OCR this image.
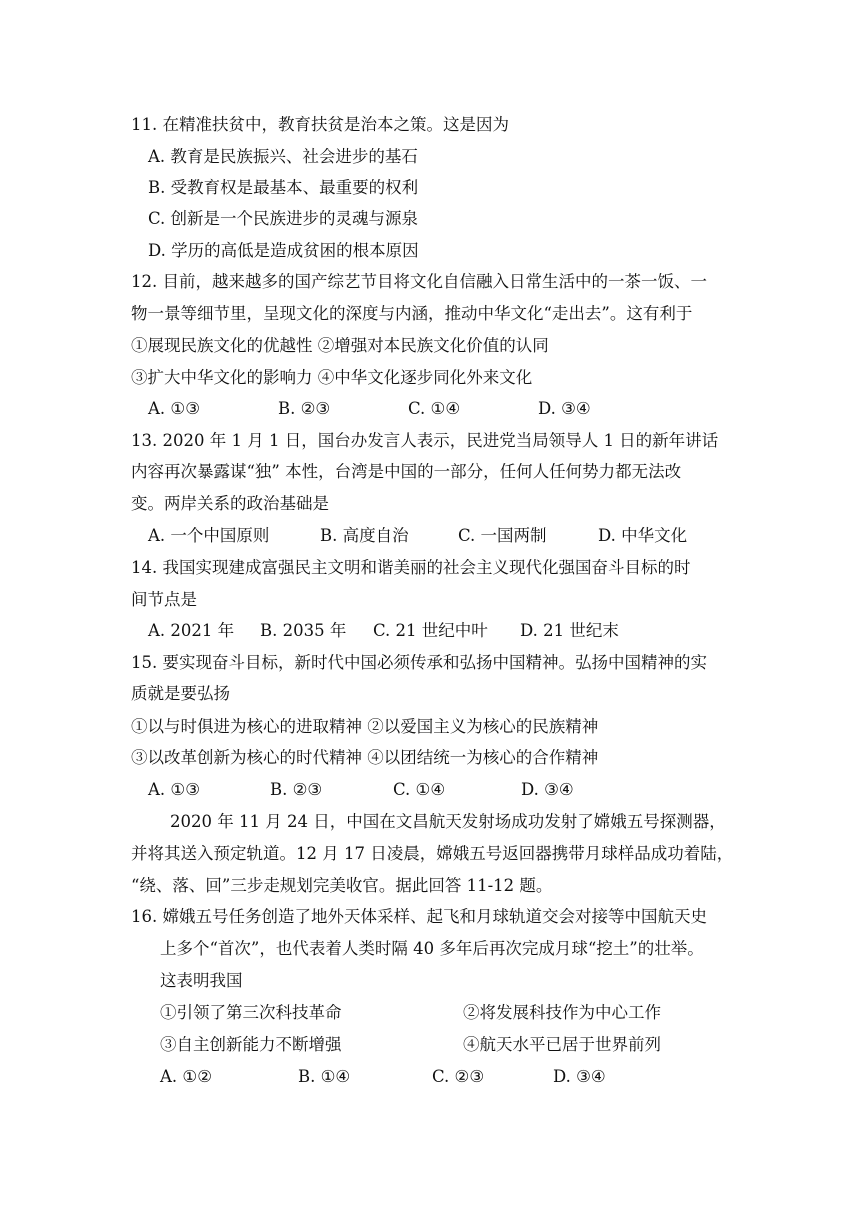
11. 在精准扶贫中，教育扶贫是治本之策。这是因为
A. 教育是民族振兴、社会进步的基石
B. 受教育权是最基本、最重要的权利
C. 创新是一个民族进步的灵魂与源泉
D. 学历的高低是造成贫困的根本原因
12. 目前，越来越多的国产综艺节目将文化自信融入日常生活中的一茶一饭、一
物一景等细节里，呈现文化的深度与内涵，推动中华文化“走出去”。这有利于
①展现民族文化的优越性 ②增强对本民族文化价值的认同
③扩大中华文化的影响力 ④中华文化逐步同化外来文化
A. ①③	B. ②③	C. ①④	D. ③④
13. 2020 年 1 月 1 日，国台办发言人表示，民进党当局领导人 1 日的新年讲话
内容再次暴露谋“独” 本性，台湾是中国的一部分，任何人任何势力都无法改
变。两岸关系的政治基础是
A. 一个中国原则	B. 高度自治	C. 一国两制	D. 中华文化
14. 我国实现建成富强民主文明和谐美丽的社会主义现代化强国奋斗目标的时
间节点是
A. 2021 年 B. 2035 年 C. 21 世纪中叶 D. 21 世纪末
15. 要实现奋斗目标，新时代中国必须传承和弘扬中国精神。弘扬中国精神的实
质就是要弘扬
①以与时俱进为核心的进取精神 ②以爱国主义为核心的民族精神
③以改革创新为核心的时代精神 ④以团结统一为核心的合作精神
A. ①③	B. ②③	C. ①④	D. ③④
2020 年 11 月 24 日，中国在文昌航天发射场成功发射了嫦娥五号探测器，
并将其送入预定轨道。12 月 17 日凌晨，嫦娥五号返回器携带月球样品成功着陆，
“绕、落、回”三步走规划完美收官。据此回答 11-12 题。
16. 嫦娥五号任务创造了地外天体采样、起飞和月球轨道交会对接等中国航天史
上多个“首次”，也代表着人类时隔 40 多年后再次完成月球“挖土”的壮举。
这表明我国
①引领了第三次科技革命	②将发展科技作为中心工作
③自主创新能力不断增强	④航天水平已居于世界前列
A. ①②	B. ①④	C. ②③	D. ③④
